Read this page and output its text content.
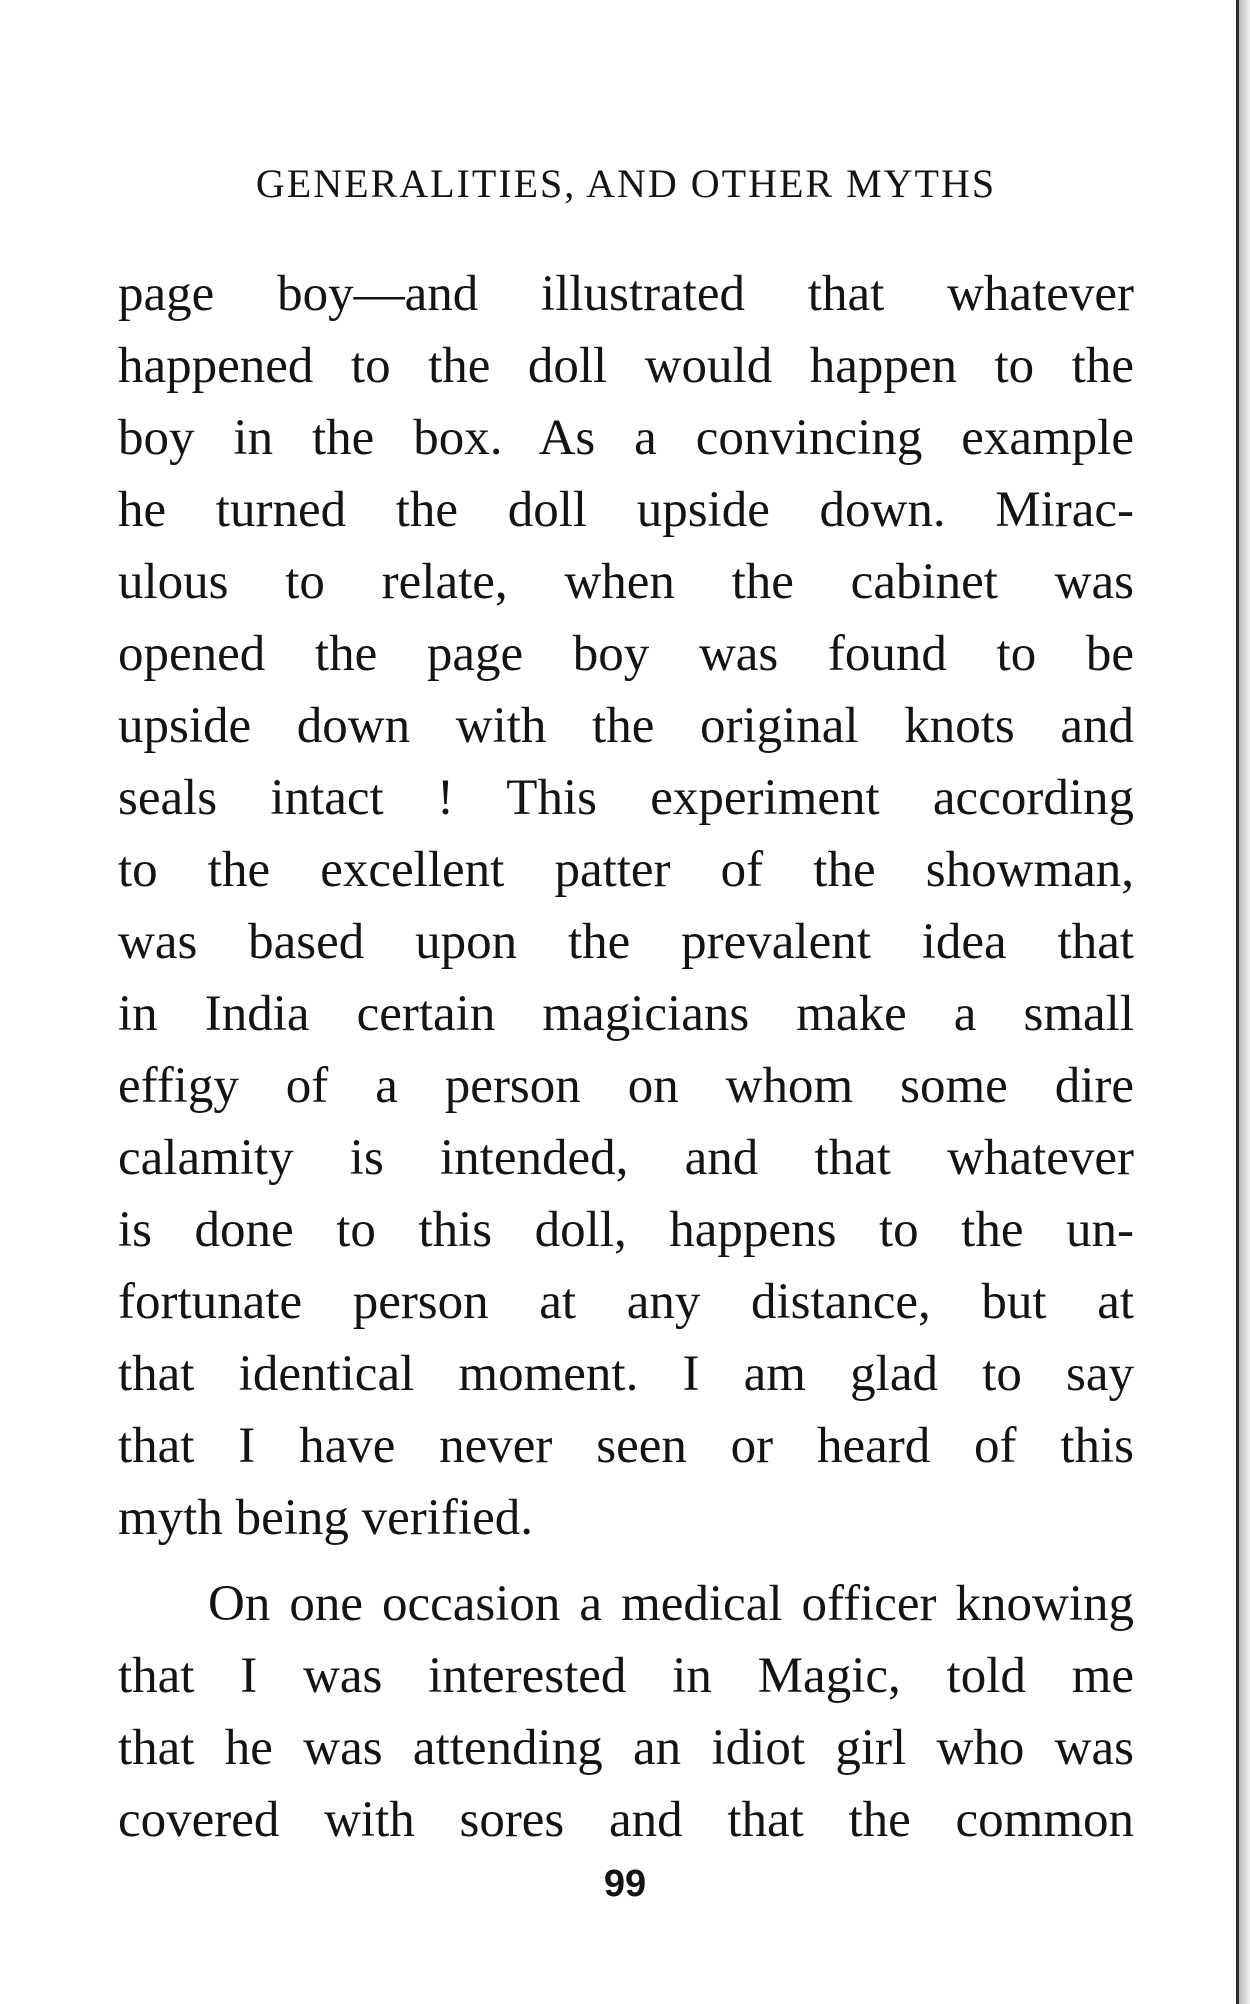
GENERALITIES, AND OTHER MYTHS
page boy—and illustrated that whatever
happened to the doll would happen to the
boy in the box. As a convincing example
he turned the doll upside down. Mirac-
ulous to relate, when the cabinet was
opened the page boy was found to be
upside down with the original knots and
seals intact ! This experiment according
to the excellent patter of the showman,
was based upon the prevalent idea that
in India certain magicians make a small
effigy of a person on whom some dire
calamity is intended, and that whatever
is done to this doll, happens to the un-
fortunate person at any distance, but at
that identical moment. I am glad to say
that I have never seen or heard of this
myth being verified.
On one occasion a medical officer knowing
that I was interested in Magic, told me
that he was attending an idiot girl who was
covered with sores and that the common
99
